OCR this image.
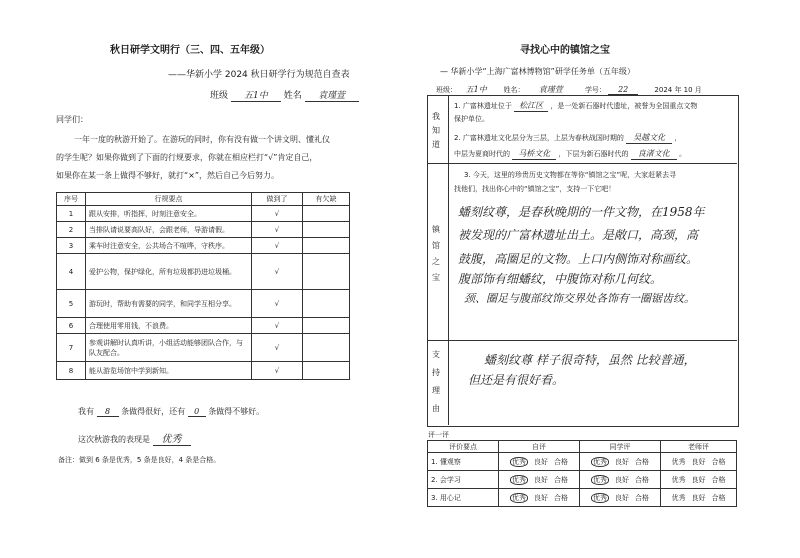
秋日研学文明行（三、四、五年级）
——华新小学 2024 秋日研学行为规范自查表
班级 五1中 姓名 袁瑾萱
同学们：
一年一度的秋游开始了。在游玩的同时，你有没有做一个讲文明、懂礼仪
的学生呢？如果你做到了下面的行规要求，你就在相应栏打“√”肯定自己，
如果你在某一条上做得不够好，就打“×”，然后自己今后努力。
序号	行规要点	做到了	有欠缺
1	跟从安排，听指挥，时刻注意安全。	√	
2	当排队请说要高队好，会跟老师，导游请假。	√	
3	乘车时注意安全，公共场合不喧哗，守秩序。	√	
4	爱护公物，保护绿化，所有垃圾都扔进垃圾桶。	√	
5	游玩时，帮助有需要的同学，和同学互相分享。	√	
6	合理使用零用钱，不浪费。	√	
7	参观讲解时认真听讲，小组活动能够团队合作，与队友配合。	√	
8	能从游览场馆中学到新知。	√	
我有 8 条做得很好，还有 0 条做得不够好。
这次秋游我的表现是 优秀
备注：做到 6 条是优秀，5 条是良好，4 条是合格。
寻找心中的镇馆之宝
— 华新小学“上海广富林博物馆”研学任务单（五年级）
班级： 五1中 姓名： 袁瑾萱	学号： 22	2024 年 10 月
我知道
1. 广富林遗址位于 松江区 ，是一处新石器时代遗址，被誉为全国重点文物
保护单位。
2. 广富林遗址文化层分为三层，上层为春秋战国时期的 吴越文化 ，
中层为夏商时代的 马桥文化 ，下层为新石器时代的 良渚文化 。
镇馆之宝
3. 今天，这里的珍贵历史文物都在等你“镇馆之宝”呢，大家赶紧去寻
找他们，找出你心中的“镇馆之宝”，支持一下它吧！
蟠刻纹尊，是春秋晚期的一件文物，在1958年
被发现的广富林遗址出土。是敞口，高颈，高
鼓腹，高圈足的文物。上口内侧饰对称画纹。
腹部饰有细蟠纹，中腹饰对称几何纹。
颈、圈足与腹部纹饰交界处各饰有一圈锯齿纹。
支持理由
蟠刻纹尊 样子很奇特，虽然 比较普通，
但还是有很好看。
评一评
评价要点	自评	同学评	老师评
1. 懂观察	优秀 良好 合格	优秀 良好 合格	优秀 良好 合格
2. 会学习	优秀 良好 合格	优秀 良好 合格	优秀 良好 合格
3. 用心记	优秀 良好 合格	优秀 良好 合格	优秀 良好 合格
